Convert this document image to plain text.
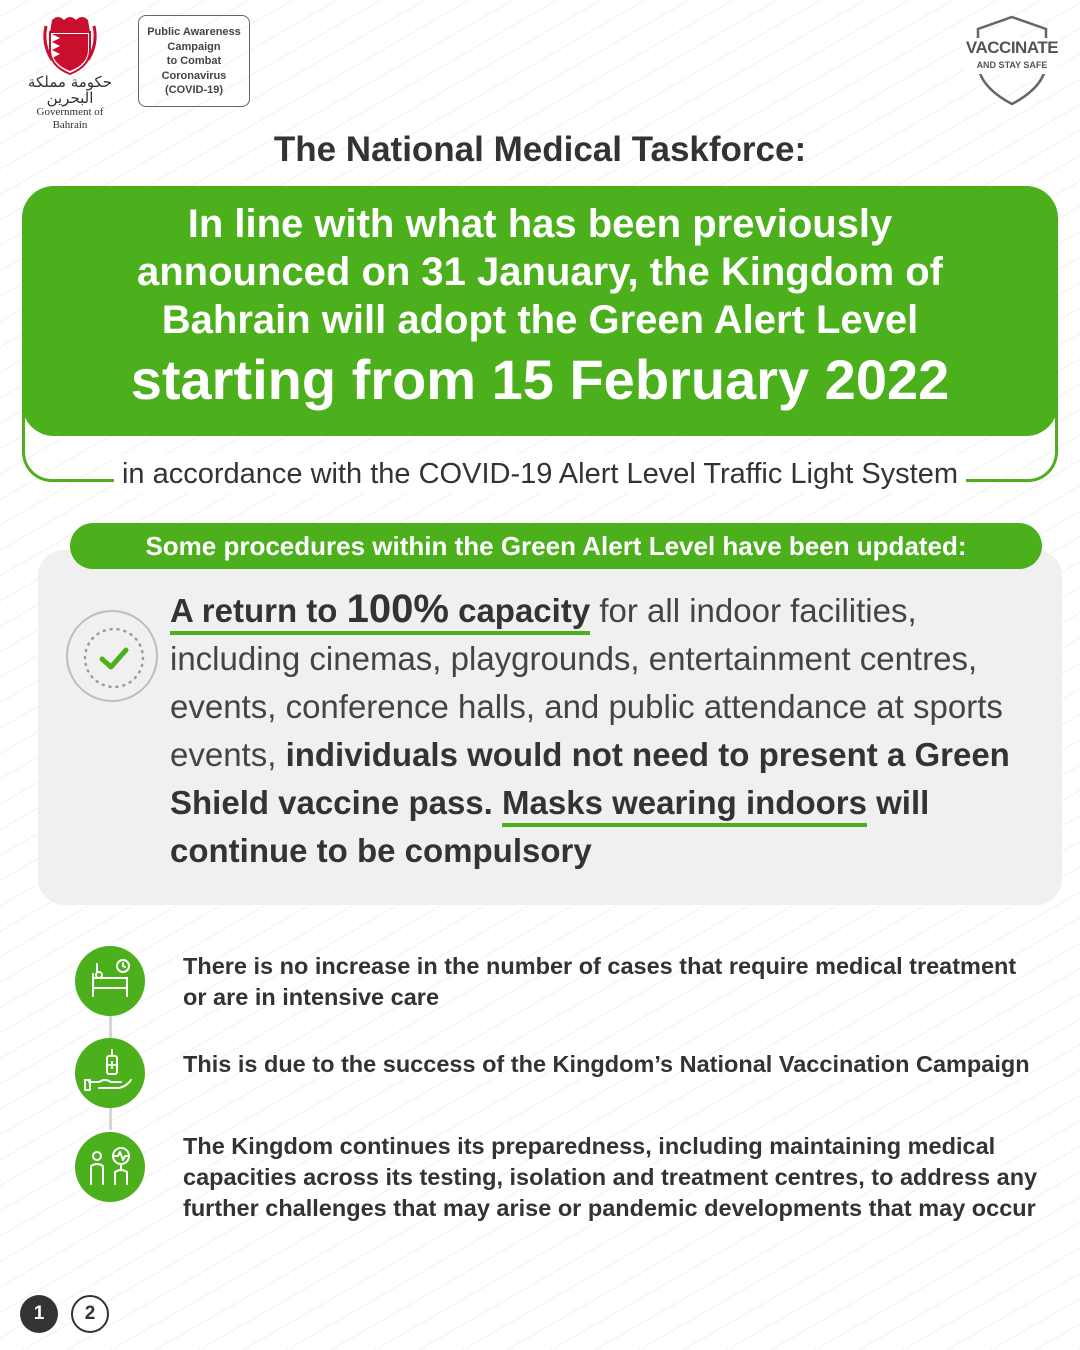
حكومة مملكة البحرين
Government of Bahrain
Public Awareness
Campaign
to Combat
Coronavirus
(COVID-19)
VACCINATE
AND STAY SAFE
The National Medical Taskforce:
In line with what has been previously
announced on 31 January, the Kingdom of
Bahrain will adopt the Green Alert Level
starting from 15 February 2022
in accordance with the COVID-19 Alert Level Traffic Light System
Some procedures within the Green Alert Level have been updated:
A return to 100% capacity for all indoor facilities, including cinemas, playgrounds, entertainment centres, events, conference halls, and public attendance at sports events, individuals would not need to present a Green Shield vaccine pass. Masks wearing indoors will continue to be compulsory
There is no increase in the number of cases that require medical treatment or are in intensive care
This is due to the success of the Kingdom’s National Vaccination Campaign
The Kingdom continues its preparedness, including maintaining medical capacities across its testing, isolation and treatment centres, to address any further challenges that may arise or pandemic developments that may occur
1	2
